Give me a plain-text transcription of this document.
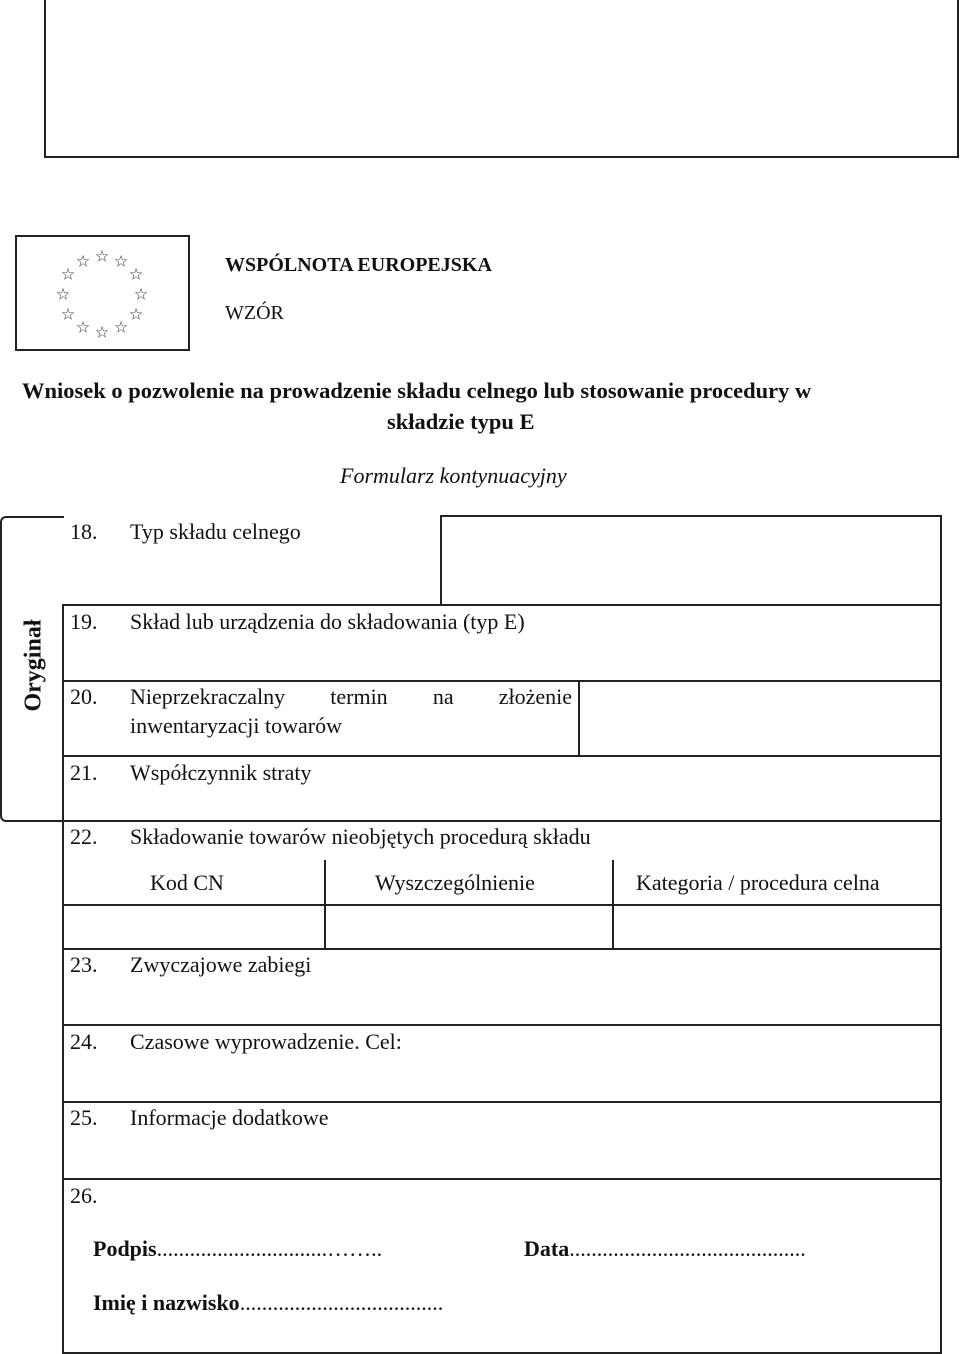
☆ ☆
☆
☆
☆
☆
☆
☆
☆
☆
☆
☆	WSPÓLNOTA EUROPEJSKA
WZÓR
Wniosek o pozwolenie na prowadzenie składu celnego lub stosowanie procedury w
składzie typu E
Formularz kontynuacyjny
Oryginał
18. Typ składu celnego
19. Skład lub urządzenia do składowania (typ E)
20. Nieprzekraczalny termin na złożenie
inwentaryzacji towarów
21. Współczynnik straty
22. Składowanie towarów nieobjętych procedurą składu
Kod CN	Wyszczególnienie	Kategoria / procedura celna
23. Zwyczajowe zabiegi
24. Czasowe wyprowadzenie. Cel:
25. Informacje dodatkowe
26.
Podpis...............................……..	Data...........................................
Imię i nazwisko.....................................
